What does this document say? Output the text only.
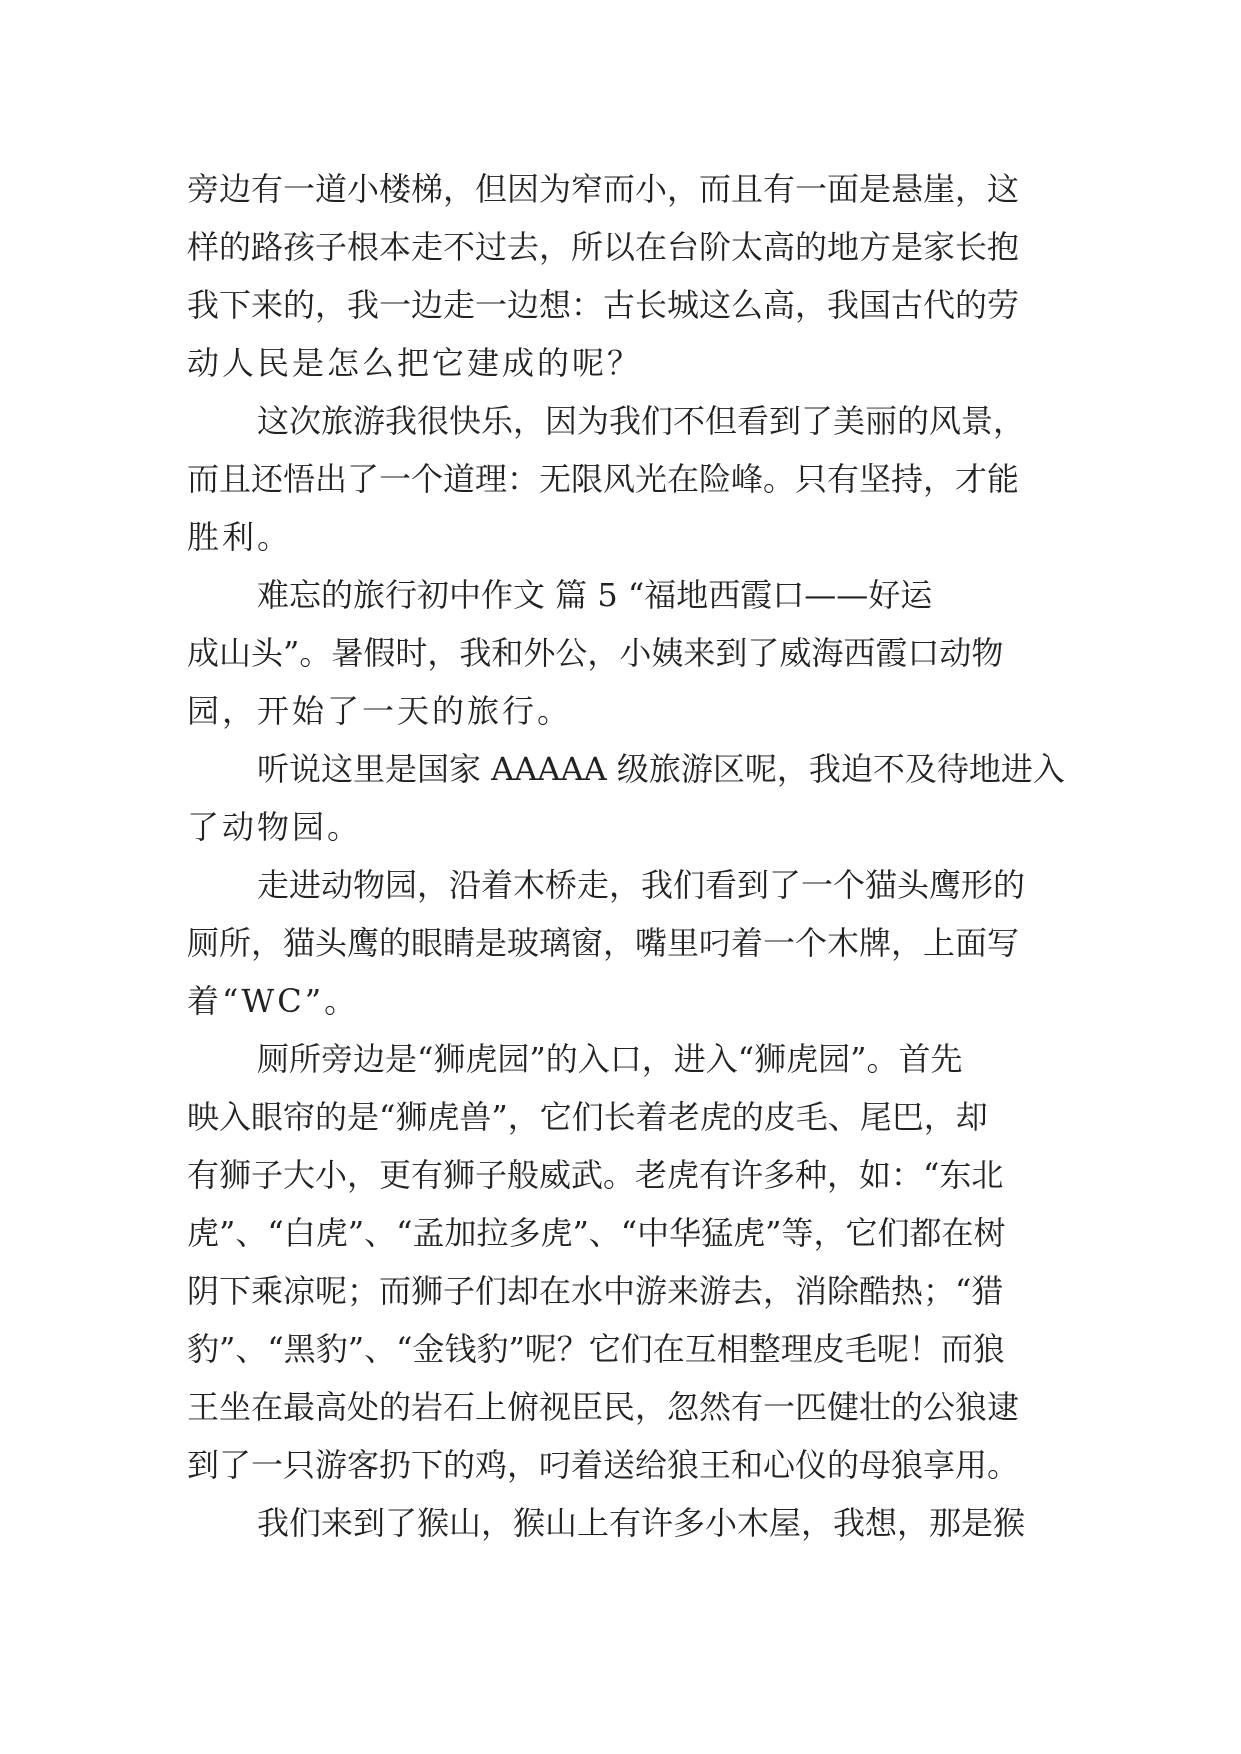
旁边有一道小楼梯，但因为窄而小，而且有一面是悬崖，这
样的路孩子根本走不过去，所以在台阶太高的地方是家长抱
我下来的，我一边走一边想：古长城这么高，我国古代的劳
动人民是怎么把它建成的呢？
这次旅游我很快乐，因为我们不但看到了美丽的风景，
而且还悟出了一个道理：无限风光在险峰。只有坚持，才能
胜利。
难忘的旅行初中作文 篇 5 “福地西霞口——好运
成山头”。暑假时，我和外公，小姨来到了威海西霞口动物
园，开始了一天的旅行。
听说这里是国家 AAAAA 级旅游区呢，我迫不及待地进入
了动物园。
走进动物园，沿着木桥走，我们看到了一个猫头鹰形的
厕所，猫头鹰的眼睛是玻璃窗，嘴里叼着一个木牌，上面写
着“WC”。
厕所旁边是“狮虎园”的入口，进入“狮虎园”。首先
映入眼帘的是“狮虎兽”，它们长着老虎的皮毛、尾巴，却
有狮子大小，更有狮子般威武。老虎有许多种，如：“东北
虎”、“白虎”、“孟加拉多虎”、“中华猛虎”等，它们都在树
阴下乘凉呢；而狮子们却在水中游来游去，消除酷热；“猎
豹”、“黑豹”、“金钱豹”呢？它们在互相整理皮毛呢！而狼
王坐在最高处的岩石上俯视臣民，忽然有一匹健壮的公狼逮
到了一只游客扔下的鸡，叼着送给狼王和心仪的母狼享用。
我们来到了猴山，猴山上有许多小木屋，我想，那是猴
